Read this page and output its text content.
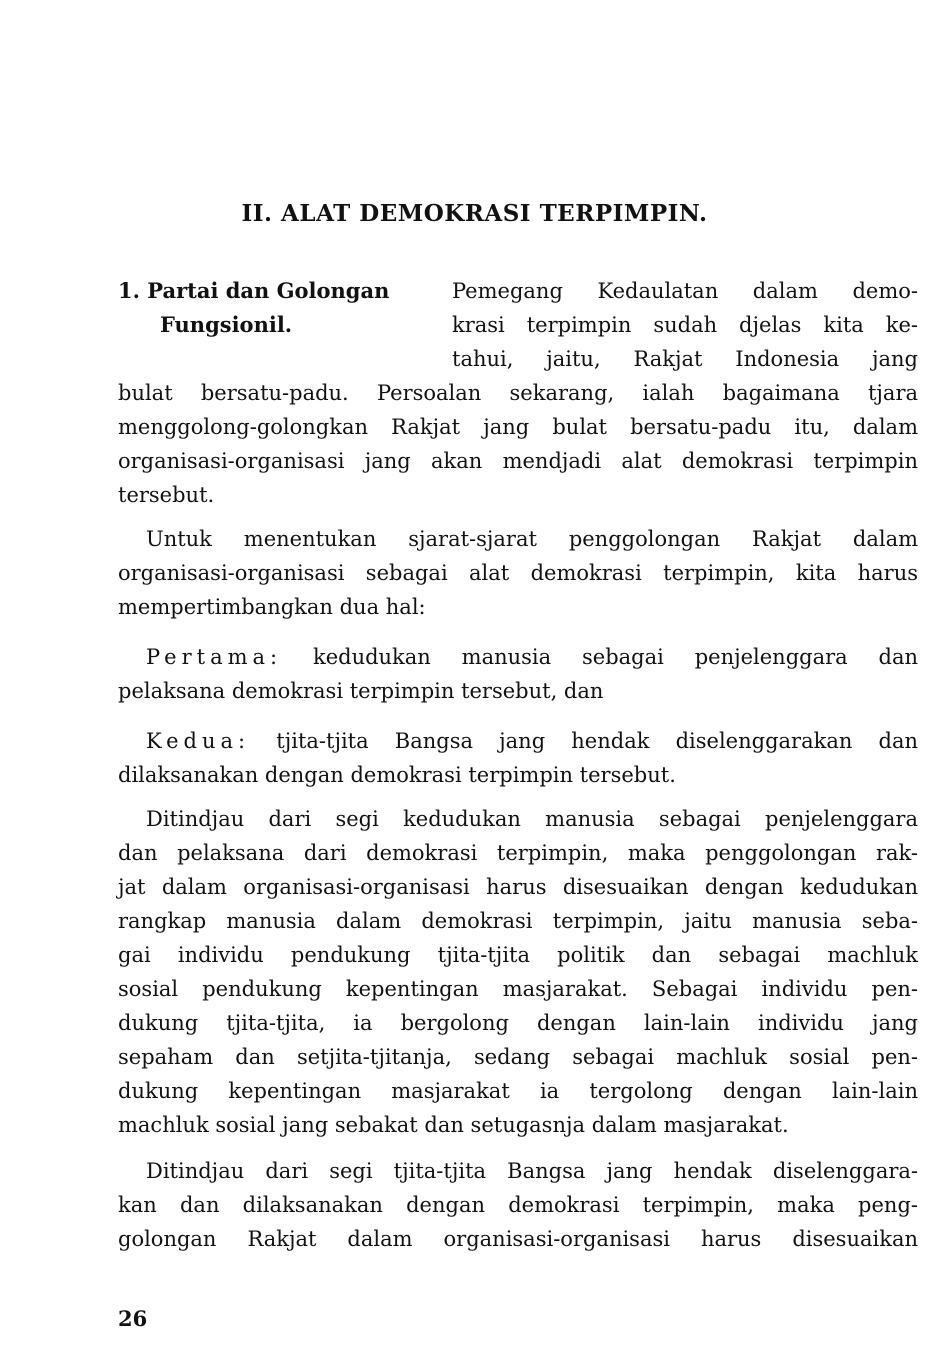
II. ALAT DEMOKRASI TERPIMPIN.
1. Partai dan Golongan
Fungsionil.
Pemegang Kedaulatan dalam demo-
krasi terpimpin sudah djelas kita ke-
tahui, jaitu, Rakjat Indonesia jang
bulat bersatu-padu. Persoalan sekarang, ialah bagaimana tjara
menggolong-golongkan Rakjat jang bulat bersatu-padu itu, dalam
organisasi-organisasi jang akan mendjadi alat demokrasi terpimpin
tersebut.
Untuk menentukan sjarat-sjarat penggolongan Rakjat dalam
organisasi-organisasi sebagai alat demokrasi terpimpin, kita harus
mempertimbangkan dua hal:
Pertama: kedudukan manusia sebagai penjelenggara dan
pelaksana demokrasi terpimpin tersebut, dan
Kedua: tjita-tjita Bangsa jang hendak diselenggarakan dan
dilaksanakan dengan demokrasi terpimpin tersebut.
Ditindjau dari segi kedudukan manusia sebagai penjelenggara
dan pelaksana dari demokrasi terpimpin, maka penggolongan rak-
jat dalam organisasi-organisasi harus disesuaikan dengan kedudukan
rangkap manusia dalam demokrasi terpimpin, jaitu manusia seba-
gai individu pendukung tjita-tjita politik dan sebagai machluk
sosial pendukung kepentingan masjarakat. Sebagai individu pen-
dukung tjita-tjita, ia bergolong dengan lain-lain individu jang
sepaham dan setjita-tjitanja, sedang sebagai machluk sosial pen-
dukung kepentingan masjarakat ia tergolong dengan lain-lain
machluk sosial jang sebakat dan setugasnja dalam masjarakat.
Ditindjau dari segi tjita-tjita Bangsa jang hendak diselenggara-
kan dan dilaksanakan dengan demokrasi terpimpin, maka peng-
golongan Rakjat dalam organisasi-organisasi harus disesuaikan
26
